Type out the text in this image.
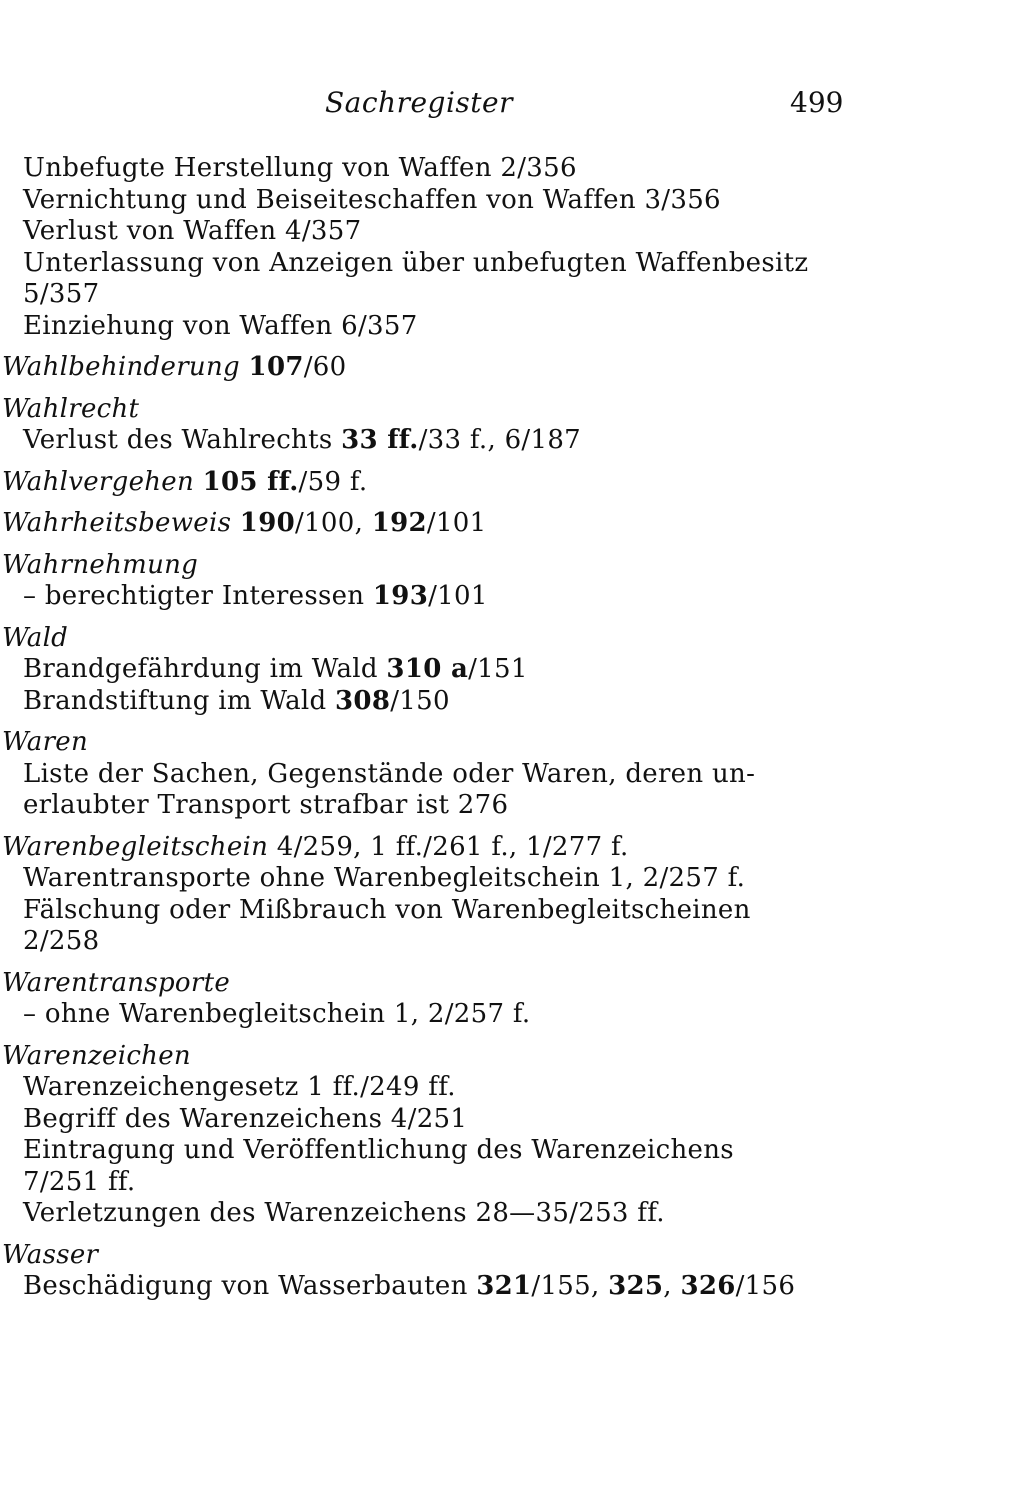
Sachregister	499
Unbefugte Herstellung von Waffen 2/356
Vernichtung und Beiseiteschaffen von Waffen 3/356
Verlust von Waffen 4/357
Unterlassung von Anzeigen über unbefugten Waffenbesitz
5/357
Einziehung von Waffen 6/357
Wahlbehinderung 107/60
Wahlrecht
Verlust des Wahlrechts 33 ff./33 f., 6/187
Wahlvergehen 105 ff./59 f.
Wahrheitsbeweis 190/100, 192/101
Wahrnehmung
– berechtigter Interessen 193/101
Wald
Brandgefährdung im Wald 310 a/151
Brandstiftung im Wald 308/150
Waren
Liste der Sachen, Gegenstände oder Waren, deren un-
erlaubter Transport strafbar ist 276
Warenbegleitschein 4/259, 1 ff./261 f., 1/277 f.
Warentransporte ohne Warenbegleitschein 1, 2/257 f.
Fälschung oder Mißbrauch von Warenbegleitscheinen
2/258
Warentransporte
– ohne Warenbegleitschein 1, 2/257 f.
Warenzeichen
Warenzeichengesetz 1 ff./249 ff.
Begriff des Warenzeichens 4/251
Eintragung und Veröffentlichung des Warenzeichens
7/251 ff.
Verletzungen des Warenzeichens 28—35/253 ff.
Wasser
Beschädigung von Wasserbauten 321/155, 325, 326/156
